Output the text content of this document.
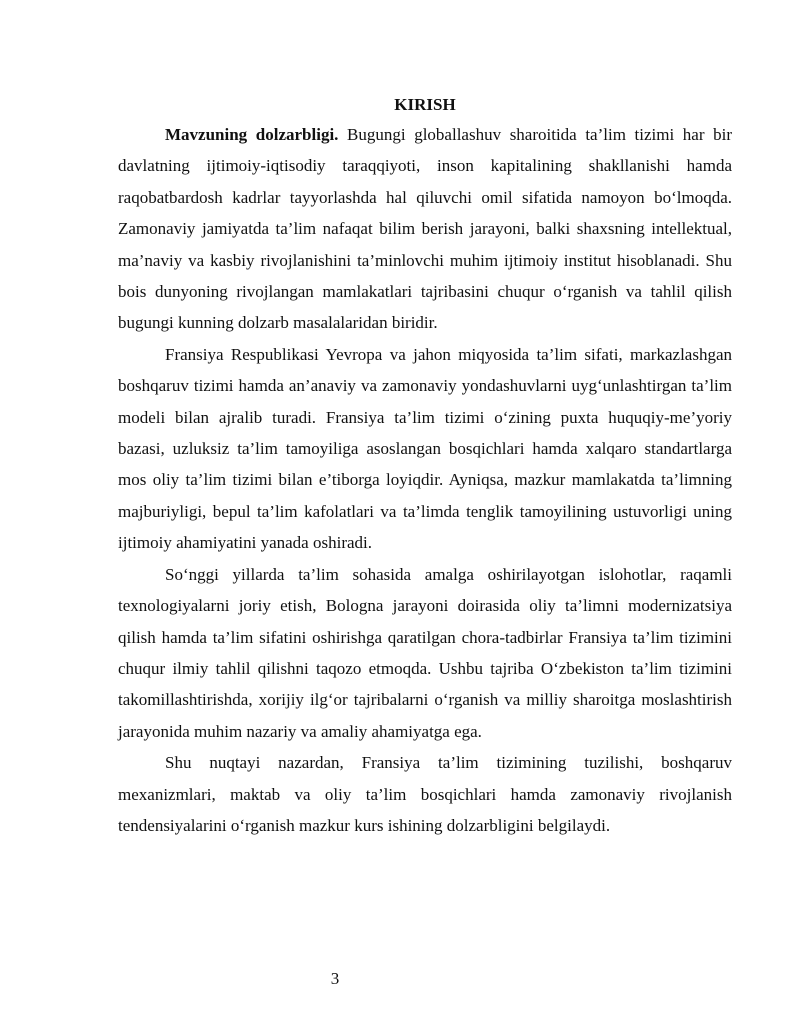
KIRISH

Mavzuning dolzarbligi. Bugungi globallashuv sharoitida ta’lim tizimi har bir davlatning ijtimoiy-iqtisodiy taraqqiyoti, inson kapitalining shakllanishi hamda raqobatbardosh kadrlar tayyorlashda hal qiluvchi omil sifatida namoyon bo‘lmoqda. Zamonaviy jamiyatda ta’lim nafaqat bilim berish jarayoni, balki shaxsning intellektual, ma’naviy va kasbiy rivojlanishini ta’minlovchi muhim ijtimoiy institut hisoblanadi. Shu bois dunyoning rivojlangan mamlakatlari tajribasini chuqur o‘rganish va tahlil qilish bugungi kunning dolzarb masalalaridan biridir.

Fransiya Respublikasi Yevropa va jahon miqyosida ta’lim sifati, markazlashgan boshqaruv tizimi hamda an’anaviy va zamonaviy yondashuvlarni uyg‘unlashtirgan ta’lim modeli bilan ajralib turadi. Fransiya ta’lim tizimi o‘zining puxta huquqiy-me’yoriy bazasi, uzluksiz ta’lim tamoyiliga asoslangan bosqichlari hamda xalqaro standartlarga mos oliy ta’lim tizimi bilan e’tiborga loyiqdir. Ayniqsa, mazkur mamlakatda ta’limning majburiyligi, bepul ta’lim kafolatlari va ta’limda tenglik tamoyilining ustuvorligi uning ijtimoiy ahamiyatini yanada oshiradi.

So‘nggi yillarda ta’lim sohasida amalga oshirilayotgan islohotlar, raqamli texnologiyalarni joriy etish, Bologna jarayoni doirasida oliy ta’limni modernizatsiya qilish hamda ta’lim sifatini oshirishga qaratilgan chora-tadbirlar Fransiya ta’lim tizimini chuqur ilmiy tahlil qilishni taqozo etmoqda. Ushbu tajriba O‘zbekiston ta’lim tizimini takomillashtirishda, xorijiy ilg‘or tajribalarni o‘rganish va milliy sharoitga moslashtirish jarayonida muhim nazariy va amaliy ahamiyatga ega.

Shu nuqtayi nazardan, Fransiya ta’lim tizimining tuzilishi, boshqaruv mexanizmlari, maktab va oliy ta’lim bosqichlari hamda zamonaviy rivojlanish tendensiyalarini o‘rganish mazkur kurs ishining dolzarbligini belgilaydi.

3
